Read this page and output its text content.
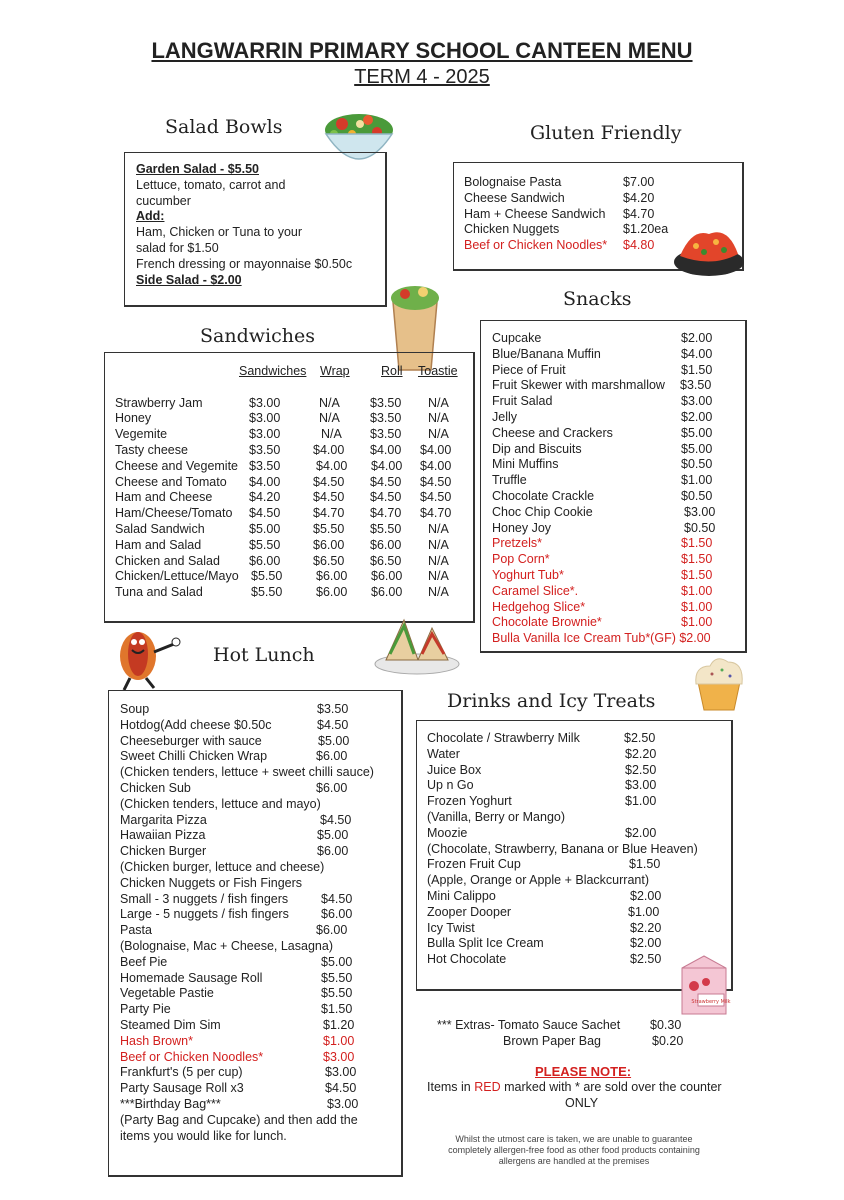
LANGWARRIN PRIMARY SCHOOL CANTEEN MENU
TERM 4 - 2025
Salad Bowls
Garden Salad - $5.50
Lettuce, tomato, carrot and
cucumber
Add:
Ham, Chicken or Tuna to your
salad for $1.50
French dressing or mayonnaise $0.50c
Side Salad - $2.00
Gluten Friendly
Bolognaise Pasta	$7.00
Cheese Sandwich	$4.20
Ham + Cheese Sandwich $4.70
Chicken Nuggets	$1.20ea
Beef or Chicken Noodles* $4.80
Snacks
Cupcake	$2.00
Blue/Banana Muffin	$4.00
Piece of Fruit	$1.50
Fruit Skewer with marshmallow $3.50
Fruit Salad	$3.00
Jelly	$2.00
Cheese and Crackers	$5.00
Dip and Biscuits	$5.00
Mini Muffins	$0.50
Truffle	$1.00
Chocolate Crackle	$0.50
Choc Chip Cookie	$3.00
Honey Joy	$0.50
Pretzels*	$1.50
Pop Corn*	$1.50
Yoghurt Tub*	$1.50
Caramel Slice*.	$1.00
Hedgehog Slice*	$1.00
Chocolate Brownie*	$1.00
Bulla Vanilla Ice Cream Tub*(GF) $2.00
Sandwiches
Sandwiches Wrap	Roll Toastie
Strawberry Jam	$3.00	N/A $3.50 N/A
Honey	$3.00	N/A $3.50 N/A
Vegemite	$3.00	N/A $3.50 N/A
Tasty cheese	$3.50	$4.00 $4.00 $4.00
Cheese and Vegemite $3.50	$4.00 $4.00 $4.00
Cheese and Tomato $4.00	$4.50 $4.50 $4.50
Ham and Cheese	$4.20	$4.50 $4.50 $4.50
Ham/Cheese/Tomato $4.50	$4.70 $4.70 $4.70
Salad Sandwich	$5.00	$5.50 $5.50 N/A
Ham and Salad	$5.50	$6.00 $6.00 N/A
Chicken and Salad $6.00	$6.50 $6.50 N/A
Chicken/Lettuce/Mayo $5.50	$6.00 $6.00 N/A
Tuna and Salad	$5.50	$6.00 $6.00 N/A
Hot Lunch
Soup	$3.50
Hotdog(Add cheese $0.50c	$4.50
Cheeseburger with sauce	$5.00
Sweet Chilli Chicken Wrap	$6.00
(Chicken tenders, lettuce + sweet chilli sauce)
Chicken Sub	$6.00
(Chicken tenders, lettuce and mayo)
Margarita Pizza	$4.50
Hawaiian Pizza	$5.00
Chicken Burger	$6.00
(Chicken burger, lettuce and cheese)
Chicken Nuggets or Fish Fingers
Small - 3 nuggets / fish fingers	$4.50
Large - 5 nuggets / fish fingers	$6.00
Pasta	$6.00
(Bolognaise, Mac + Cheese, Lasagna)
Beef Pie	$5.00
Homemade Sausage Roll	$5.50
Vegetable Pastie	$5.50
Party Pie	$1.50
Steamed Dim Sim	$1.20
Hash Brown*	$1.00
Beef or Chicken Noodles*	$3.00
Frankfurt's (5 per cup)	$3.00
Party Sausage Roll x3	$4.50
***Birthday Bag***	$3.00
(Party Bag and Cupcake) and then add the
items you would like for lunch.
Drinks and Icy Treats
Chocolate / Strawberry Milk	$2.50
Water	$2.20
Juice Box	$2.50
Up n Go	$3.00
Frozen Yoghurt	$1.00
(Vanilla, Berry or Mango)
Moozie	$2.00
(Chocolate, Strawberry, Banana or Blue Heaven)
Frozen Fruit Cup	$1.50
(Apple, Orange or Apple + Blackcurrant)
Mini Calippo	$2.00
Zooper Dooper	$1.00
Icy Twist	$2.20
Bulla Split Ice Cream	$2.00
Hot Chocolate	$2.50
Strawberry Milk
*** Extras- Tomato Sauce Sachet $0.30
Brown Paper Bag	$0.20
PLEASE NOTE:
Items in RED marked with * are sold over the counter
ONLY
Whilst the utmost care is taken, we are unable to guarantee
completely allergen-free food as other food products containing
allergens are handled at the premises
